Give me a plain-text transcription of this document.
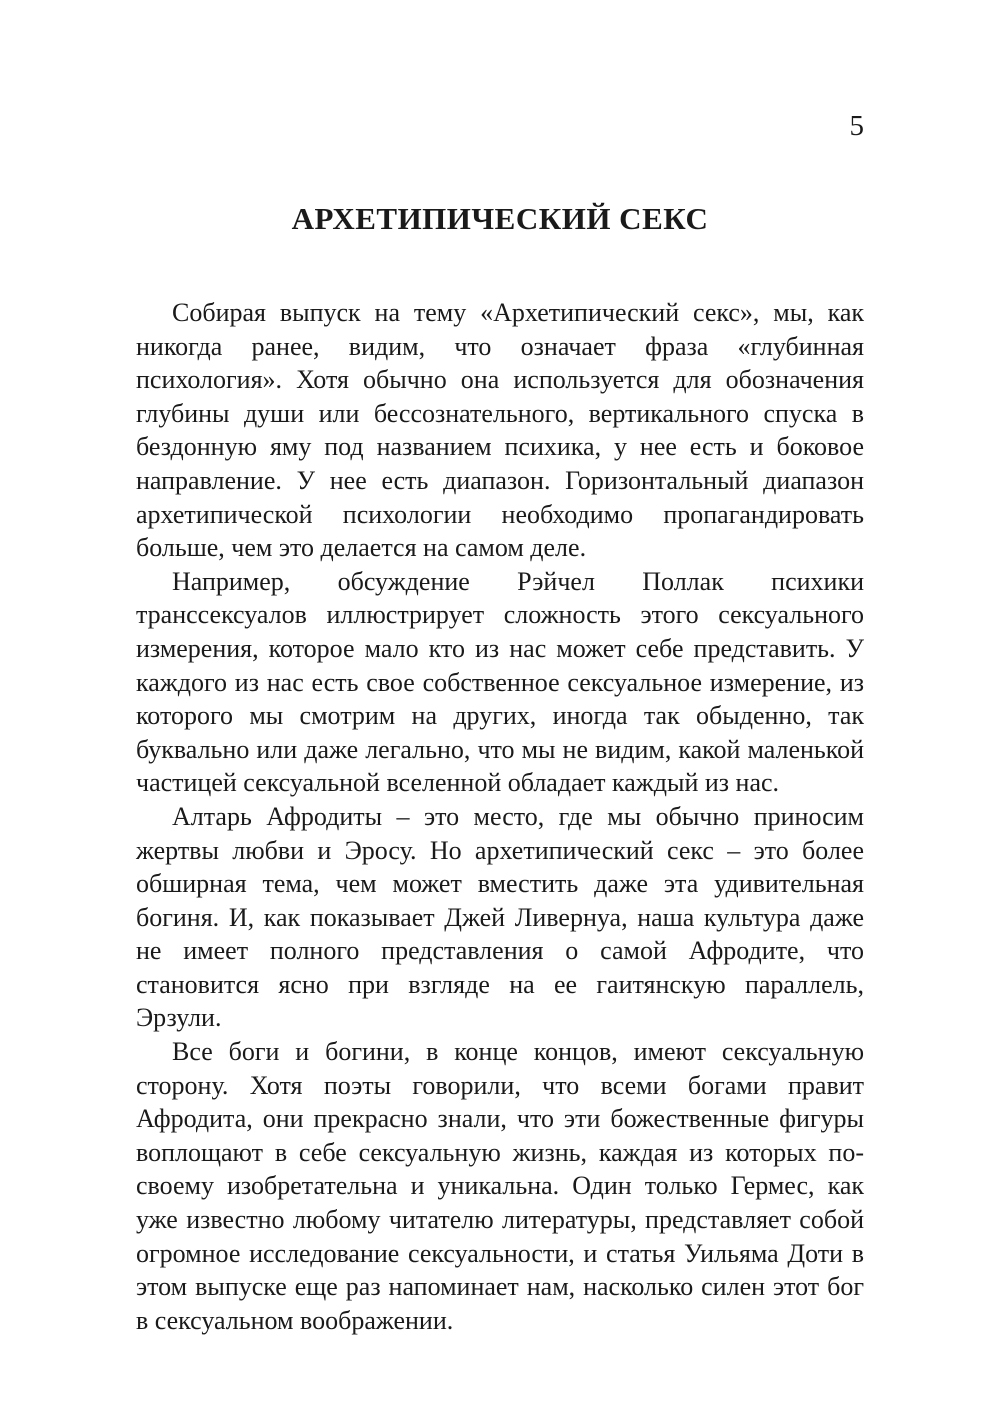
5
АРХЕТИПИЧЕСКИЙ СЕКС

Собирая выпуск на тему «Архетипический секс», мы, как никогда ранее, видим, что означает фраза «глубинная психология». Хотя обычно она используется для обозначения глубины души или бессознательного, вертикального спуска в бездонную яму под названием психика, у нее есть и боковое направление. У нее есть диапазон. Горизонтальный диапазон архетипической психологии необходимо пропагандировать больше, чем это делается на самом деле.

Например, обсуждение Рэйчел Поллак психики транссексуалов иллюстрирует сложность этого сексуального измерения, которое мало кто из нас может себе представить. У каждого из нас есть свое собственное сексуальное измерение, из которого мы смотрим на других, иногда так обыденно, так буквально или даже легально, что мы не видим, какой маленькой частицей сексуальной вселенной обладает каждый из нас.

Алтарь Афродиты – это место, где мы обычно приносим жертвы любви и Эросу. Но архетипический секс – это более обширная тема, чем может вместить даже эта удивительная богиня. И, как показывает Джей Ливернуа, наша культура даже не имеет полного представления о самой Афродите, что становится ясно при взгляде на ее гаитянскую параллель, Эрзули.

Все боги и богини, в конце концов, имеют сексуальную сторону. Хотя поэты говорили, что всеми богами правит Афродита, они прекрасно знали, что эти божественные фигуры воплощают в себе сексуальную жизнь, каждая из которых по-своему изобретательна и уникальна. Один только Гермес, как уже известно любому читателю литературы, представляет собой огромное исследование сексуальности, и статья Уильяма Доти в этом выпуске еще раз напоминает нам, насколько силен этот бог в сексуальном воображении.
